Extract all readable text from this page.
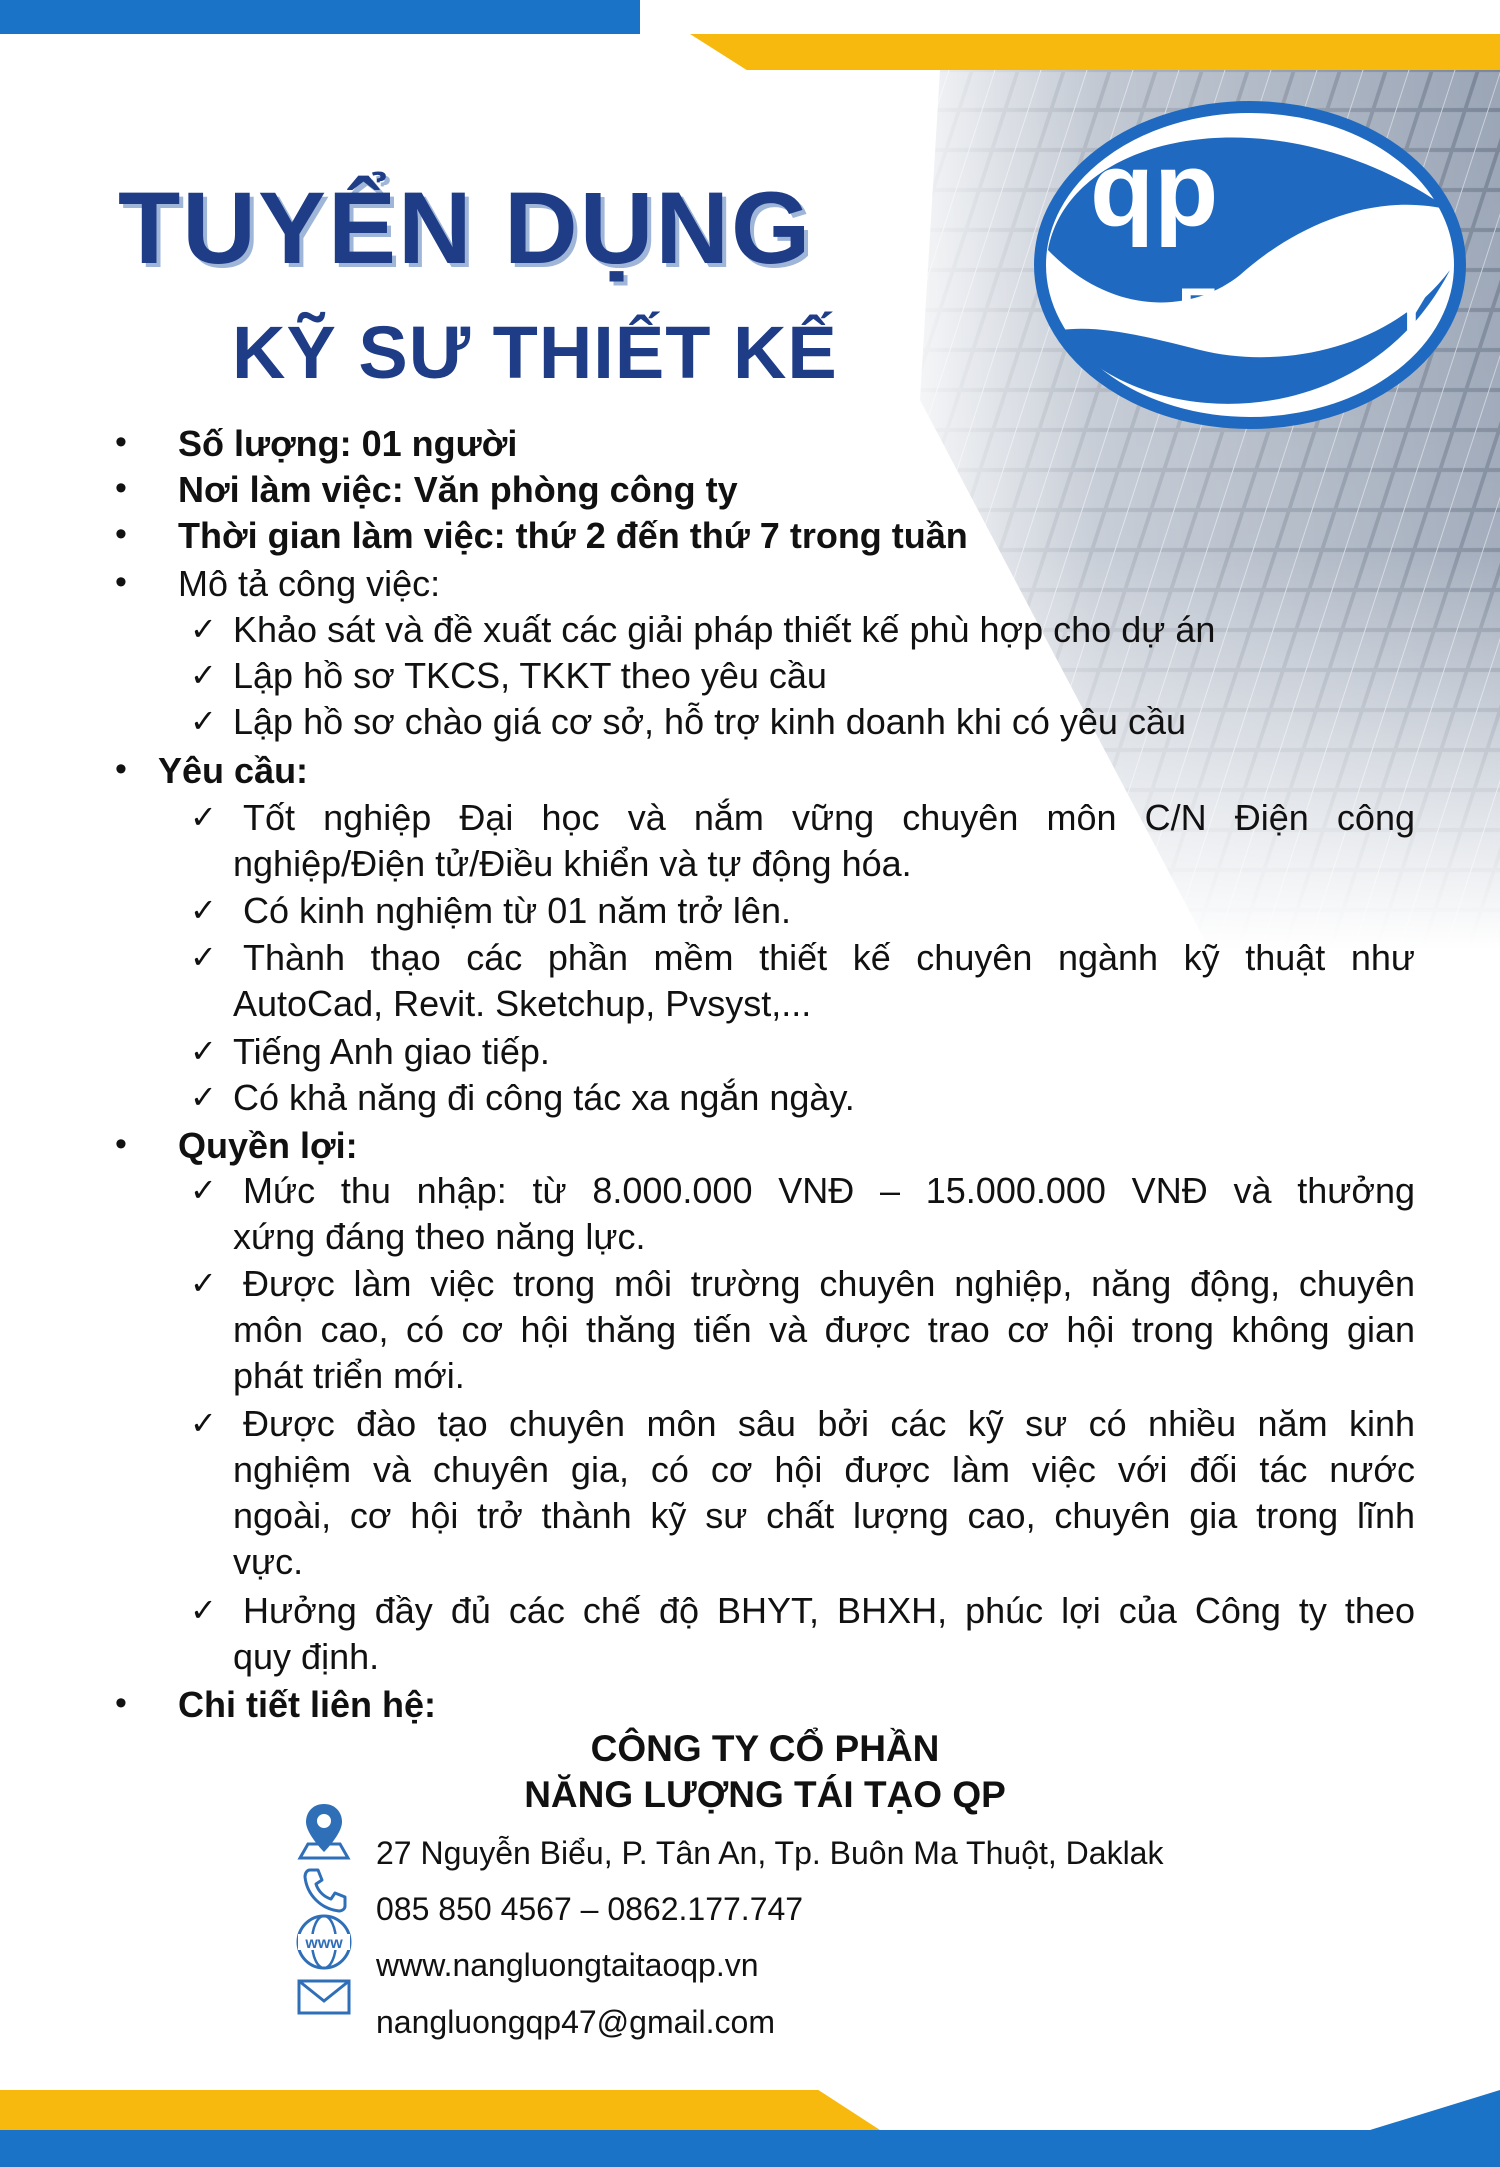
qp
ENERGY
TUYỂN DỤNG
KỸ SƯ THIẾT KẾ
• Số lượng: 01 người
• Nơi làm việc: Văn phòng công ty
• Thời gian làm việc: thứ 2 đến thứ 7 trong tuần
• Mô tả công việc:
✓ Khảo sát và đề xuất các giải pháp thiết kế phù hợp cho dự án
✓ Lập hồ sơ TKCS, TKKT theo yêu cầu
✓ Lập hồ sơ chào giá cơ sở, hỗ trợ kinh doanh khi có yêu cầu
• Yêu cầu:
✓ Tốt nghiệp Đại học và nắm vững chuyên môn C/N Điện công
nghiệp/Điện tử/Điều khiển và tự động hóa.
✓ Có kinh nghiệm từ 01 năm trở lên.
✓ Thành thạo các phần mềm thiết kế chuyên ngành kỹ thuật như
AutoCad, Revit. Sketchup, Pvsyst,...
✓ Tiếng Anh giao tiếp.
✓ Có khả năng đi công tác xa ngắn ngày.
• Quyền lợi:
✓ Mức thu nhập: từ 8.000.000 VNĐ – 15.000.000 VNĐ và thưởng
xứng đáng theo năng lực.
✓ Được làm việc trong môi trường chuyên nghiệp, năng động, chuyên
môn cao, có cơ hội thăng tiến và được trao cơ hội trong không gian
phát triển mới.
✓ Được đào tạo chuyên môn sâu bởi các kỹ sư có nhiều năm kinh
nghiệm và chuyên gia, có cơ hội được làm việc với đối tác nước
ngoài, cơ hội trở thành kỹ sư chất lượng cao, chuyên gia trong lĩnh
vực.
✓ Hưởng đầy đủ các chế độ BHYT, BHXH, phúc lợi của Công ty theo
quy định.
• Chi tiết liên hệ:
CÔNG TY CỔ PHẦN
NĂNG LƯỢNG TÁI TẠO QP
27 Nguyễn Biểu, P. Tân An, Tp. Buôn Ma Thuột, Daklak
085 850 4567 – 0862.177.747
www
www.nangluongtaitaoqp.vn
nangluongqp47@gmail.com
